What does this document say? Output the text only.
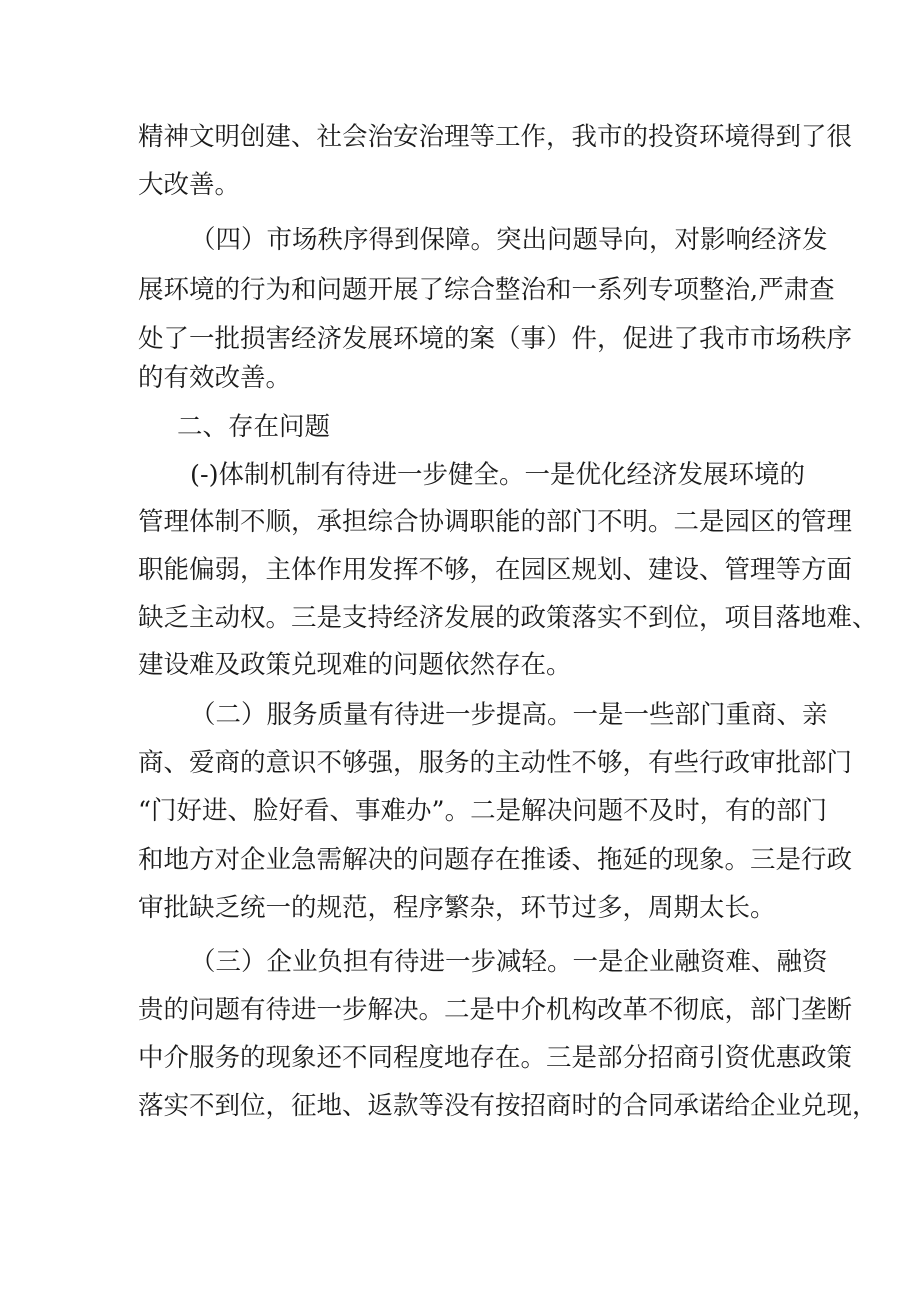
精神文明创建、社会治安治理等工作，我市的投资环境得到了很
大改善。
（四）市场秩序得到保障。突出问题导向，对影响经济发
展环境的行为和问题开展了综合整治和一系列专项整治,严肃查
处了一批损害经济发展环境的案（事）件，促进了我市市场秩序
的有效改善。
二、存在问题
(-)体制机制有待进一步健全。一是优化经济发展环境的
管理体制不顺，承担综合协调职能的部门不明。二是园区的管理
职能偏弱，主体作用发挥不够，在园区规划、建设、管理等方面
缺乏主动权。三是支持经济发展的政策落实不到位，项目落地难、
建设难及政策兑现难的问题依然存在。
（二）服务质量有待进一步提高。一是一些部门重商、亲
商、爱商的意识不够强，服务的主动性不够，有些行政审批部门
“门好进、脸好看、事难办”。二是解决问题不及时，有的部门
和地方对企业急需解决的问题存在推诿、拖延的现象。三是行政
审批缺乏统一的规范，程序繁杂，环节过多，周期太长。
（三）企业负担有待进一步减轻。一是企业融资难、融资
贵的问题有待进一步解决。二是中介机构改革不彻底，部门垄断
中介服务的现象还不同程度地存在。三是部分招商引资优惠政策
落实不到位，征地、返款等没有按招商时的合同承诺给企业兑现，
